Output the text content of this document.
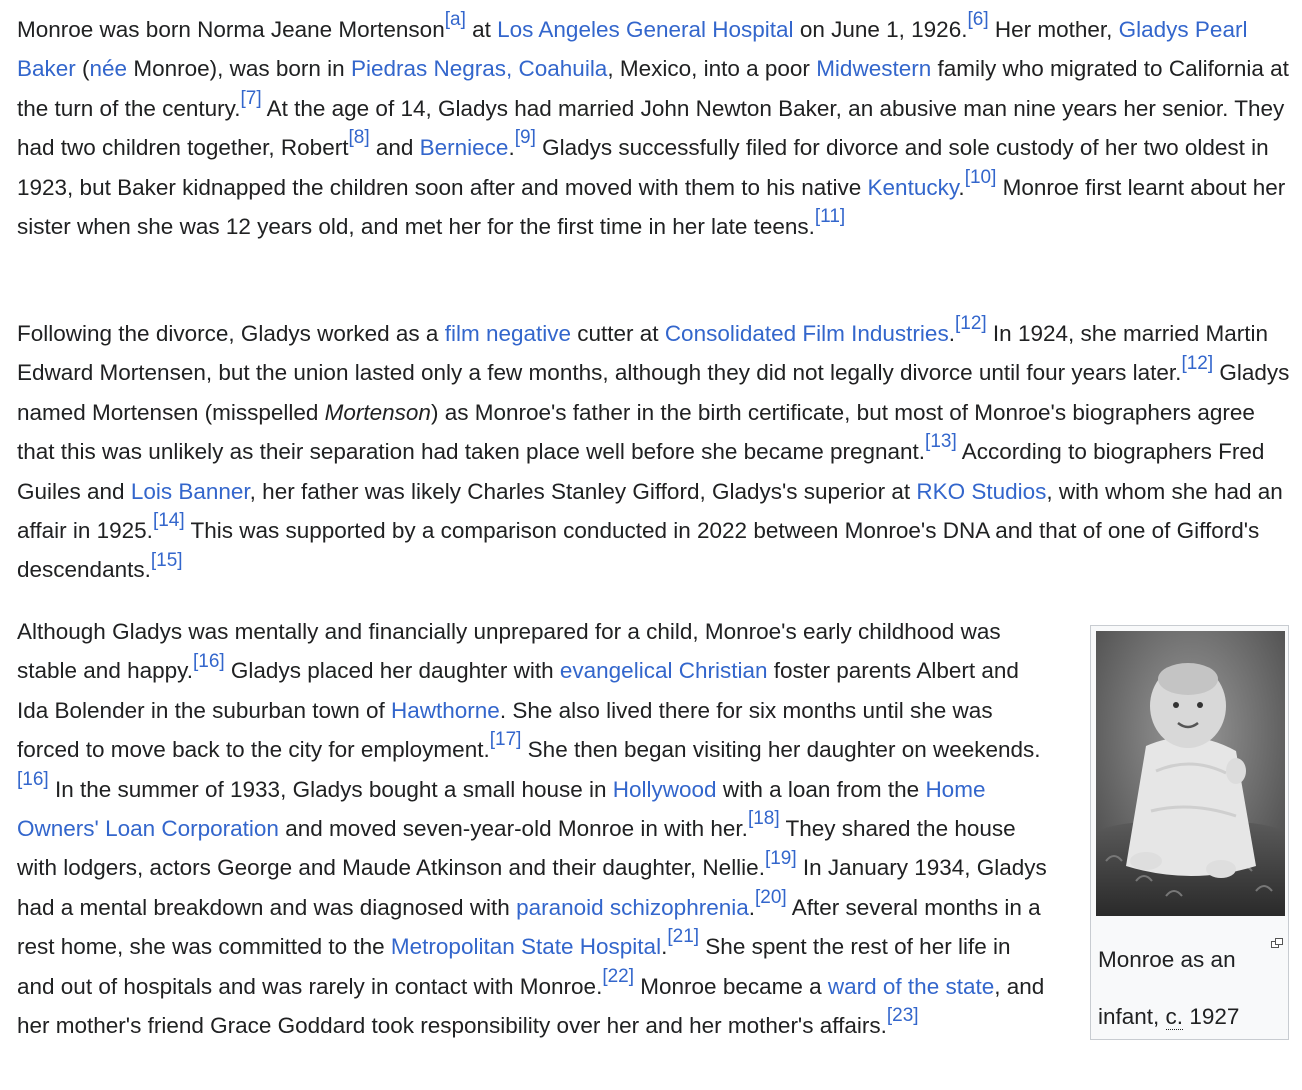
Monroe was born Norma Jeane Mortenson[a] at Los Angeles General Hospital on June 1, 1926.[6] Her mother, Gladys Pearl Baker (née Monroe), was born in Piedras Negras, Coahuila, Mexico, into a poor Midwestern family who migrated to California at the turn of the century.[7] At the age of 14, Gladys had married John Newton Baker, an abusive man nine years her senior. They had two children together, Robert[8] and Berniece.[9] Gladys successfully filed for divorce and sole custody of her two oldest in 1923, but Baker kidnapped the children soon after and moved with them to his native Kentucky.[10] Monroe first learnt about her sister when she was 12 years old, and met her for the first time in her late teens.[11]

Following the divorce, Gladys worked as a film negative cutter at Consolidated Film Industries.[12] In 1924, she married Martin Edward Mortensen, but the union lasted only a few months, although they did not legally divorce until four years later.[12] Gladys named Mortensen (misspelled Mortenson) as Monroe's father in the birth certificate, but most of Monroe's biographers agree that this was unlikely as their separation had taken place well before she became pregnant.[13] According to biographers Fred Guiles and Lois Banner, her father was likely Charles Stanley Gifford, Gladys's superior at RKO Studios, with whom she had an affair in 1925.[14] This was supported by a comparison conducted in 2022 between Monroe's DNA and that of one of Gifford's descendants.[15]

Although Gladys was mentally and financially unprepared for a child, Monroe's early childhood was stable and happy.[16] Gladys placed her daughter with evangelical Christian foster parents Albert and Ida Bolender in the suburban town of Hawthorne. She also lived there for six months until she was forced to move back to the city for employment.[17] She then began visiting her daughter on weekends.[16] In the summer of 1933, Gladys bought a small house in Hollywood with a loan from the Home Owners' Loan Corporation and moved seven-year-old Monroe in with her.[18] They shared the house with lodgers, actors George and Maude Atkinson and their daughter, Nellie.[19] In January 1934, Gladys had a mental breakdown and was diagnosed with paranoid schizophrenia.[20] After several months in a rest home, she was committed to the Metropolitan State Hospital.[21] She spent the rest of her life in and out of hospitals and was rarely in contact with Monroe.[22] Monroe became a ward of the state, and her mother's friend Grace Goddard took responsibility over her and her mother's affairs.[23]

Monroe as an infant, c. 1927
